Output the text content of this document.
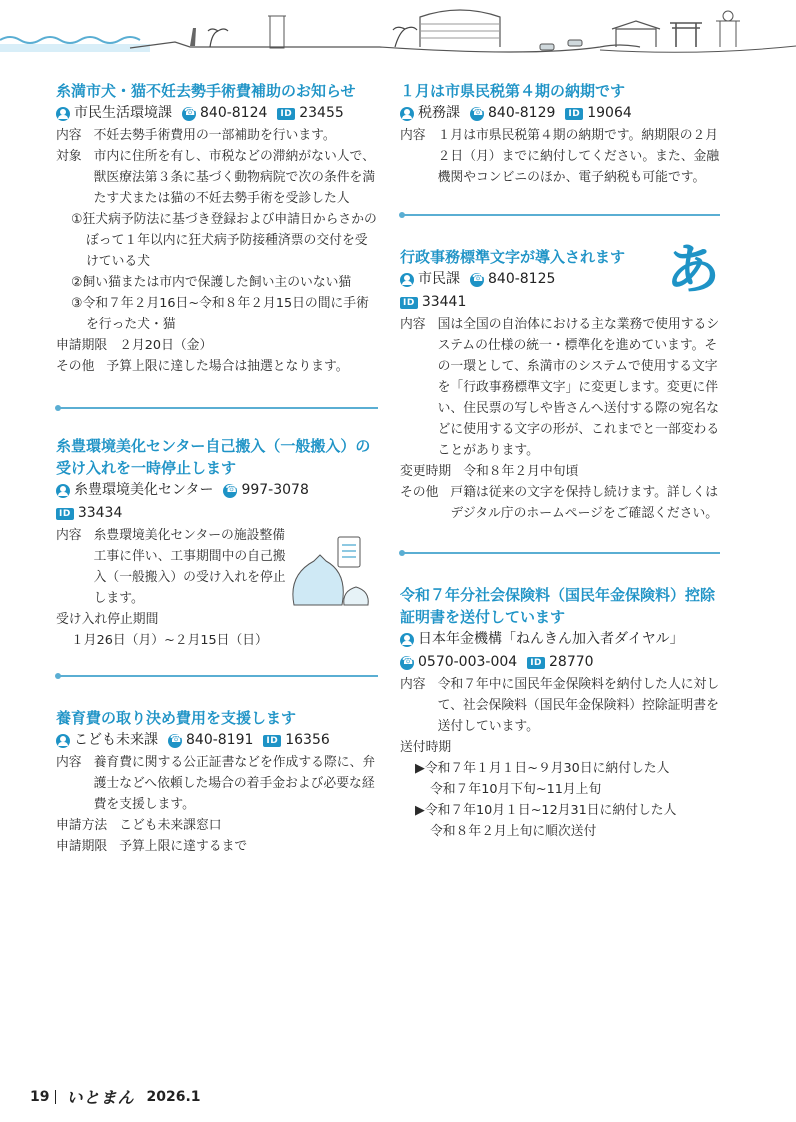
糸満市犬・猫不妊去勢手術費補助のお知らせ
市民生活環境課 ☎ 840-8124	ID 23455
内容 不妊去勢手術費用の一部補助を行います。
対象 市内に住所を有し、市税などの滞納がない人で、獣医療法第３条に基づく動物病院で次の条件を満たす犬または猫の不妊去勢手術を受診した人
①狂犬病予防法に基づき登録および申請日からさかのぼって１年以内に狂犬病予防接種済票の交付を受けている犬
②飼い猫または市内で保護した飼い主のいない猫
③令和７年２月16日~令和８年２月15日の間に手術を行った犬・猫
申請期限 ２月20日（金）
その他 予算上限に達した場合は抽選となります。
糸豊環境美化センター自己搬入（一般搬入）の受け入れを一時停止します
糸豊環境美化センター ☎ 997-3078
ID 33434
内容 糸豊環境美化センターの施設整備工事に伴い、工事期間中の自己搬入（一般搬入）の受け入れを停止します。
受け入れ停止期間
１月26日（月）~２月15日（日）
養育費の取り決め費用を支援します
こども未来課 ☎ 840-8191	ID 16356
内容 養育費に関する公正証書などを作成する際に、弁護士などへ依頼した場合の着手金および必要な経費を支援します。
申請方法 こども未来課窓口
申請期限 予算上限に達するまで
１月は市県民税第４期の納期です
税務課 ☎ 840-8129	ID 19064
内容 １月は市県民税第４期の納期です。納期限の２月２日（月）までに納付してください。また、金融機関やコンビニのほか、電子納税も可能です。
あ
行政事務標準文字が導入されます
市民課 ☎ 840-8125
ID 33441
内容 国は全国の自治体における主な業務で使用するシステムの仕様の統一・標準化を進めています。その一環として、糸満市のシステムで使用する文字を「行政事務標準文字」に変更します。変更に伴い、住民票の写しや皆さんへ送付する際の宛名などに使用する文字の形が、これまでと一部変わることがあります。
変更時期 令和８年２月中旬頃
その他 戸籍は従来の文字を保持し続けます。詳しくはデジタル庁のホームページをご確認ください。
令和７年分社会保険料（国民年金保険料）控除証明書を送付しています
日本年金機構「ねんきん加入者ダイヤル」
☎
0570-003-004	ID 28770
内容 令和７年中に国民年金保険料を納付した人に対して、社会保険料（国民年金保険料）控除証明書を送付しています。
送付時期
▶令和７年１月１日~９月30日に納付した人
令和７年10月下旬~11月上旬
▶令和７年10月１日~12月31日に納付した人
令和８年２月上旬に順次送付
19 いとまん 2026.1
